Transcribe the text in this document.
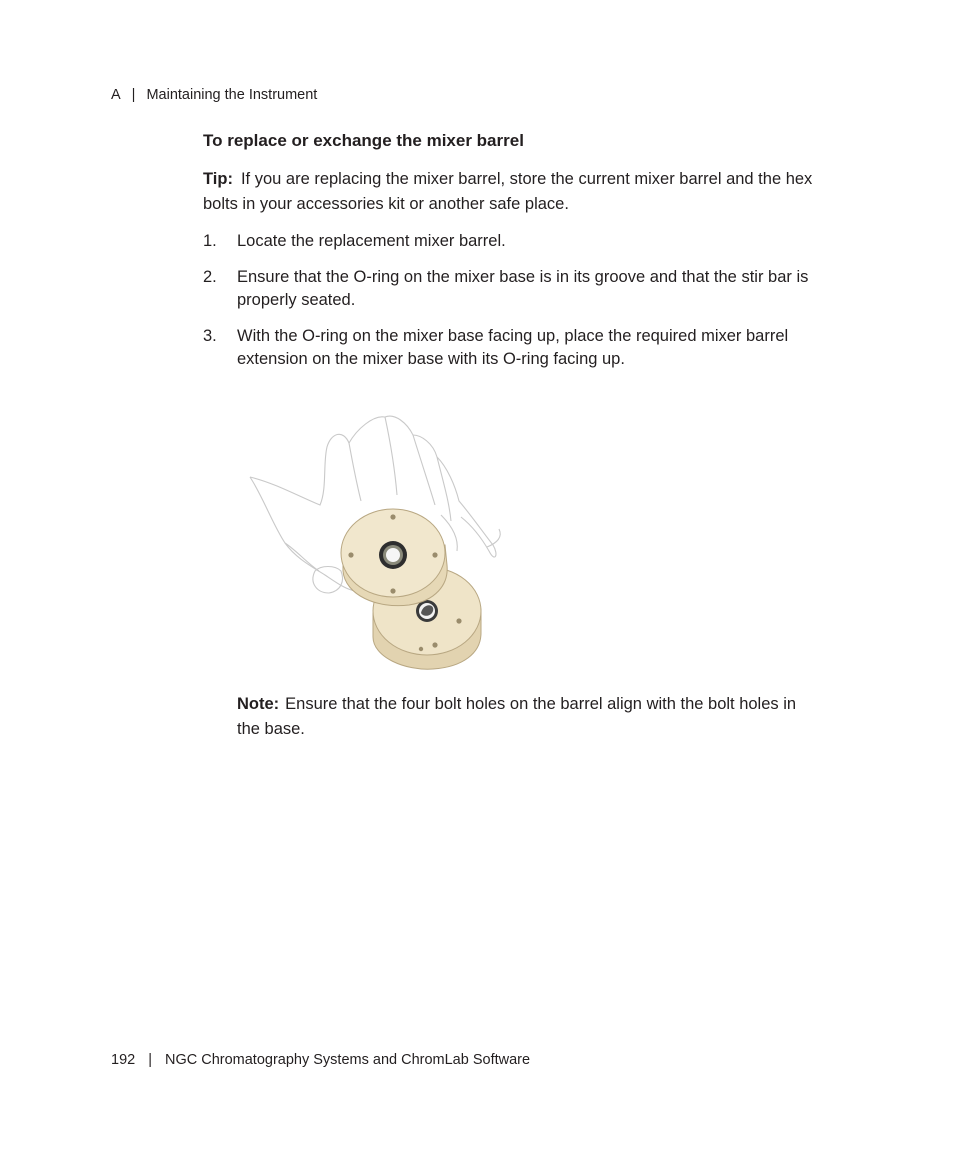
A | Maintaining the Instrument
To replace or exchange the mixer barrel
Tip: If you are replacing the mixer barrel, store the current mixer barrel and the hex bolts in your accessories kit or another safe place.
1. Locate the replacement mixer barrel.
2. Ensure that the O-ring on the mixer base is in its groove and that the stir bar is properly seated.
3. With the O-ring on the mixer base facing up, place the required mixer barrel extension on the mixer base with its O-ring facing up.
Note: Ensure that the four bolt holes on the barrel align with the bolt holes in the base.
192 | NGC Chromatography Systems and ChromLab Software
